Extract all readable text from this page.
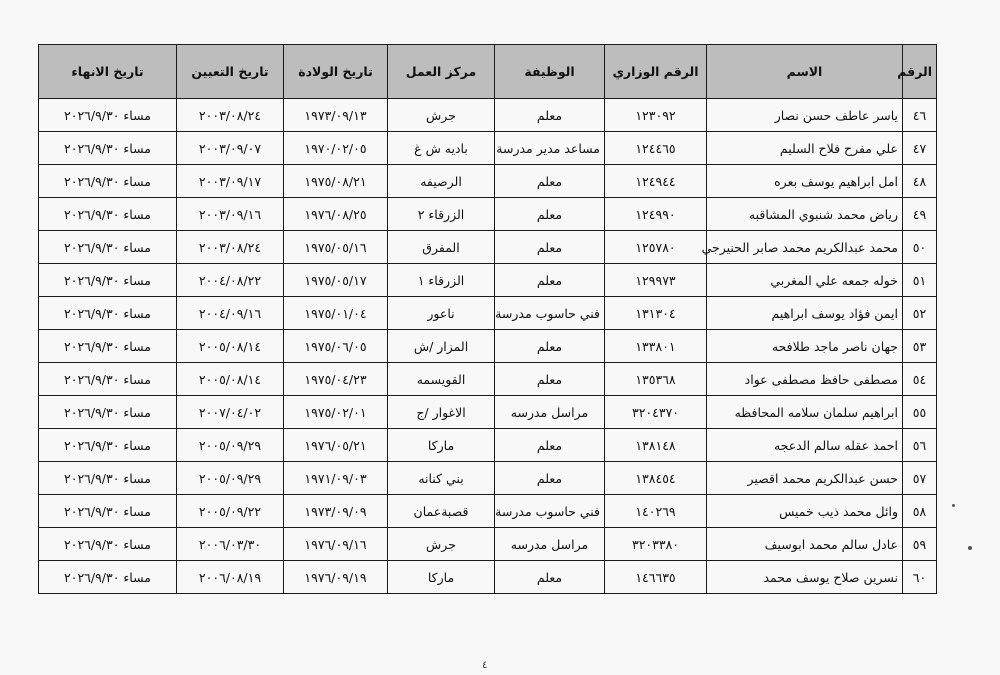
الرقم	الاسم	الرقم الوزاري	الوظيفة	مركز العمل	تاريخ الولادة	تاريخ التعيين	تاريخ الانهاء
٤٦	ياسر عاطف حسن نصار	١٢٣٠٩٢	معلم	جرش	١٩٧٣/٠٩/١٣	٢٠٠٣/٠٨/٢٤	مساء ٢٠٢٦/٩/٣٠
٤٧	علي مفرح فلاح السليم	١٢٤٤٦٥	مساعد مدير مدرسة	باديه ش غ	١٩٧٠/٠٢/٠٥	٢٠٠٣/٠٩/٠٧	مساء ٢٠٢٦/٩/٣٠
٤٨	امل ابراهيم يوسف بعره	١٢٤٩٤٤	معلم	الرصيفه	١٩٧٥/٠٨/٢١	٢٠٠٣/٠٩/١٧	مساء ٢٠٢٦/٩/٣٠
٤٩	رياض محمد شنبوي المشاقبه	١٢٤٩٩٠	معلم	الزرقاء ٢	١٩٧٦/٠٨/٢٥	٢٠٠٣/٠٩/١٦	مساء ٢٠٢٦/٩/٣٠
٥٠	محمد عبدالكريم محمد صابر الحنيرجي	١٢٥٧٨٠	معلم	المفرق	١٩٧٥/٠٥/١٦	٢٠٠٣/٠٨/٢٤	مساء ٢٠٢٦/٩/٣٠
٥١	خوله جمعه علي المغربي	١٢٩٩٧٣	معلم	الزرقاء ١	١٩٧٥/٠٥/١٧	٢٠٠٤/٠٨/٢٢	مساء ٢٠٢٦/٩/٣٠
٥٢	ايمن فؤاد يوسف ابراهيم	١٣١٣٠٤	فني حاسوب مدرسة	ناعور	١٩٧٥/٠١/٠٤	٢٠٠٤/٠٩/١٦	مساء ٢٠٢٦/٩/٣٠
٥٣	جهان ناصر ماجد طلافحه	١٣٣٨٠١	معلم	المزار /ش	١٩٧٥/٠٦/٠٥	٢٠٠٥/٠٨/١٤	مساء ٢٠٢٦/٩/٣٠
٥٤	مصطفى حافظ مصطفى عواد	١٣٥٣٦٨	معلم	القويسمه	١٩٧٥/٠٤/٢٣	٢٠٠٥/٠٨/١٤	مساء ٢٠٢٦/٩/٣٠
٥٥	ابراهيم سلمان سلامه المحافظه	٣٢٠٤٣٧٠	مراسل مدرسه	الاغوار /ج	١٩٧٥/٠٢/٠١	٢٠٠٧/٠٤/٠٢	مساء ٢٠٢٦/٩/٣٠
٥٦	احمد عقله سالم الدعجه	١٣٨١٤٨	معلم	ماركا	١٩٧٦/٠٥/٢١	٢٠٠٥/٠٩/٢٩	مساء ٢٠٢٦/٩/٣٠
٥٧	حسن عبدالكريم محمد اقصير	١٣٨٤٥٤	معلم	بني كنانه	١٩٧١/٠٩/٠٣	٢٠٠٥/٠٩/٢٩	مساء ٢٠٢٦/٩/٣٠
٥٨	وائل محمد ذيب خميس	١٤٠٢٦٩	فني حاسوب مدرسة	قصبةعمان	١٩٧٣/٠٩/٠٩	٢٠٠٥/٠٩/٢٢	مساء ٢٠٢٦/٩/٣٠
٥٩	عادل سالم محمد ابوسيف	٣٢٠٣٣٨٠	مراسل مدرسه	جرش	١٩٧٦/٠٩/١٦	٢٠٠٦/٠٣/٣٠	مساء ٢٠٢٦/٩/٣٠
٦٠	نسرين صلاح يوسف محمد	١٤٦٦٣٥	معلم	ماركا	١٩٧٦/٠٩/١٩	٢٠٠٦/٠٨/١٩	مساء ٢٠٢٦/٩/٣٠
٤
